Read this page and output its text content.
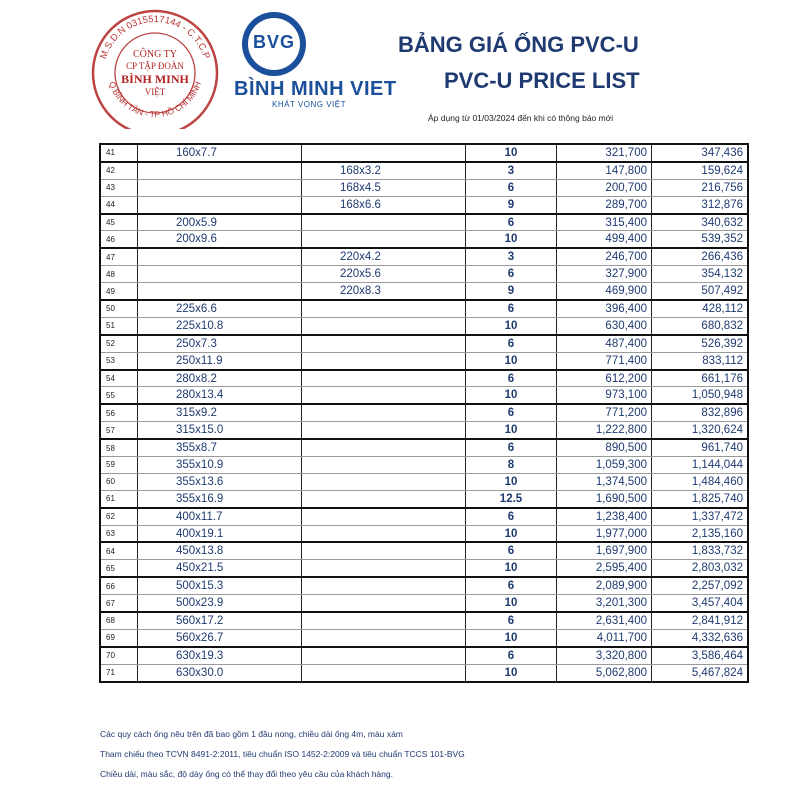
M.S.D.N 0315517144 - C.T.C.P
Q.BÌNH TÂN - TP HỒ CHÍ MINH
CÔNG TY
CP TẬP ĐOÀN
BÌNH MINH
VIỆT
BVG
BÌNH MINH VIET
KHÁT VỌNG VIỆT
BẢNG GIÁ ỐNG PVC-U
PVC-U PRICE LIST
Áp dụng từ 01/03/2024 đến khi có thông báo mới
41	160x7.7		10	321,700	347,436
42		168x3.2	3	147,800	159,624
43		168x4.5	6	200,700	216,756
44		168x6.6	9	289,700	312,876
45	200x5.9		6	315,400	340,632
46	200x9.6		10	499,400	539,352
47		220x4.2	3	246,700	266,436
48		220x5.6	6	327,900	354,132
49		220x8.3	9	469,900	507,492
50	225x6.6		6	396,400	428,112
51	225x10.8		10	630,400	680,832
52	250x7.3		6	487,400	526,392
53	250x11.9		10	771,400	833,112
54	280x8.2		6	612,200	661,176
55	280x13.4		10	973,100	1,050,948
56	315x9.2		6	771,200	832,896
57	315x15.0		10	1,222,800	1,320,624
58	355x8.7		6	890,500	961,740
59	355x10.9		8	1,059,300	1,144,044
60	355x13.6		10	1,374,500	1,484,460
61	355x16.9		12.5	1,690,500	1,825,740
62	400x11.7		6	1,238,400	1,337,472
63	400x19.1		10	1,977,000	2,135,160
64	450x13.8		6	1,697,900	1,833,732
65	450x21.5		10	2,595,400	2,803,032
66	500x15.3		6	2,089,900	2,257,092
67	500x23.9		10	3,201,300	3,457,404
68	560x17.2		6	2,631,400	2,841,912
69	560x26.7		10	4,011,700	4,332,636
70	630x19.3		6	3,320,800	3,586,464
71	630x30.0		10	5,062,800	5,467,824
Các quy cách ống nêu trên đã bao gồm 1 đầu nong, chiều dài ống 4m, màu xám
Tham chiếu theo TCVN 8491-2:2011, tiêu chuẩn ISO 1452-2:2009 và tiêu chuẩn TCCS 101-BVG
Chiều dài, màu sắc, độ dày ống có thể thay đổi theo yêu cầu của khách hàng.
